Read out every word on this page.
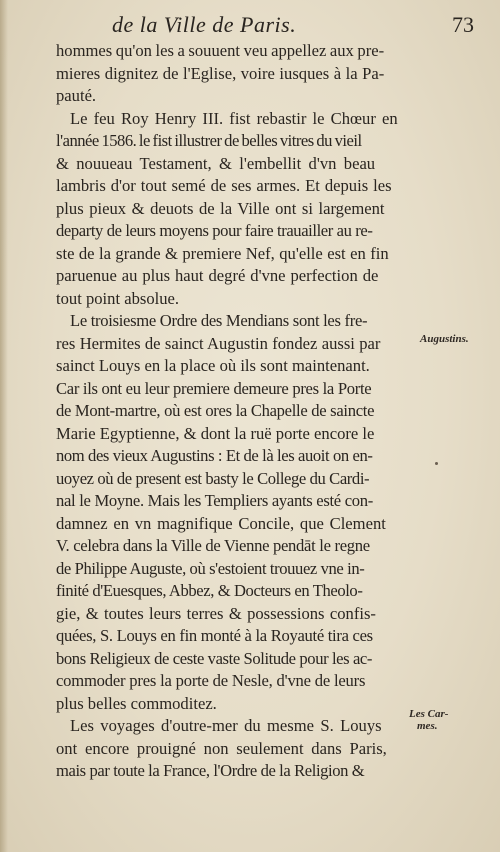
de la Ville de Paris.	73
hommes qu'on les a souuent veu appellez aux pre-
mieres dignitez de l'Eglise, voire iusques à la Pa-
pauté.
Le feu Roy Henry III. fist rebastir le Chœur en
l'année 1586. le fist illustrer de belles vitres du vieil
& nouueau Testament, & l'embellit d'vn beau
lambris d'or tout semé de ses armes. Et depuis les
plus pieux & deuots de la Ville ont si largement
departy de leurs moyens pour faire trauailler au re-
ste de la grande & premiere Nef, qu'elle est en fin
paruenue au plus haut degré d'vne perfection de
tout point absolue.
Le troisiesme Ordre des Mendians sont les fre-
res Hermites de sainct Augustin fondez aussi par
sainct Louys en la place où ils sont maintenant.
Car ils ont eu leur premiere demeure pres la Porte
de Mont-martre, où est ores la Chapelle de saincte
Marie Egyptienne, & dont la ruë porte encore le
nom des vieux Augustins : Et de là les auoit on en-
uoyez où de present est basty le College du Cardi-
nal le Moyne. Mais les Templiers ayants esté con-
damnez en vn magnifique Concile, que Clement
V. celebra dans la Ville de Vienne pendāt le regne
de Philippe Auguste, où s'estoient trouuez vne in-
finité d'Euesques, Abbez, & Docteurs en Theolo-
gie, & toutes leurs terres & possessions confis-
quées, S. Louys en fin monté à la Royauté tira ces
bons Religieux de ceste vaste Solitude pour les ac-
commoder pres la porte de Nesle, d'vne de leurs
plus belles commoditez.
Les voyages d'outre-mer du mesme S. Louys
ont encore prouigné non seulement dans Paris,
mais par toute la France, l'Ordre de la Religion &
Augustins.
Les Car-
mes.
